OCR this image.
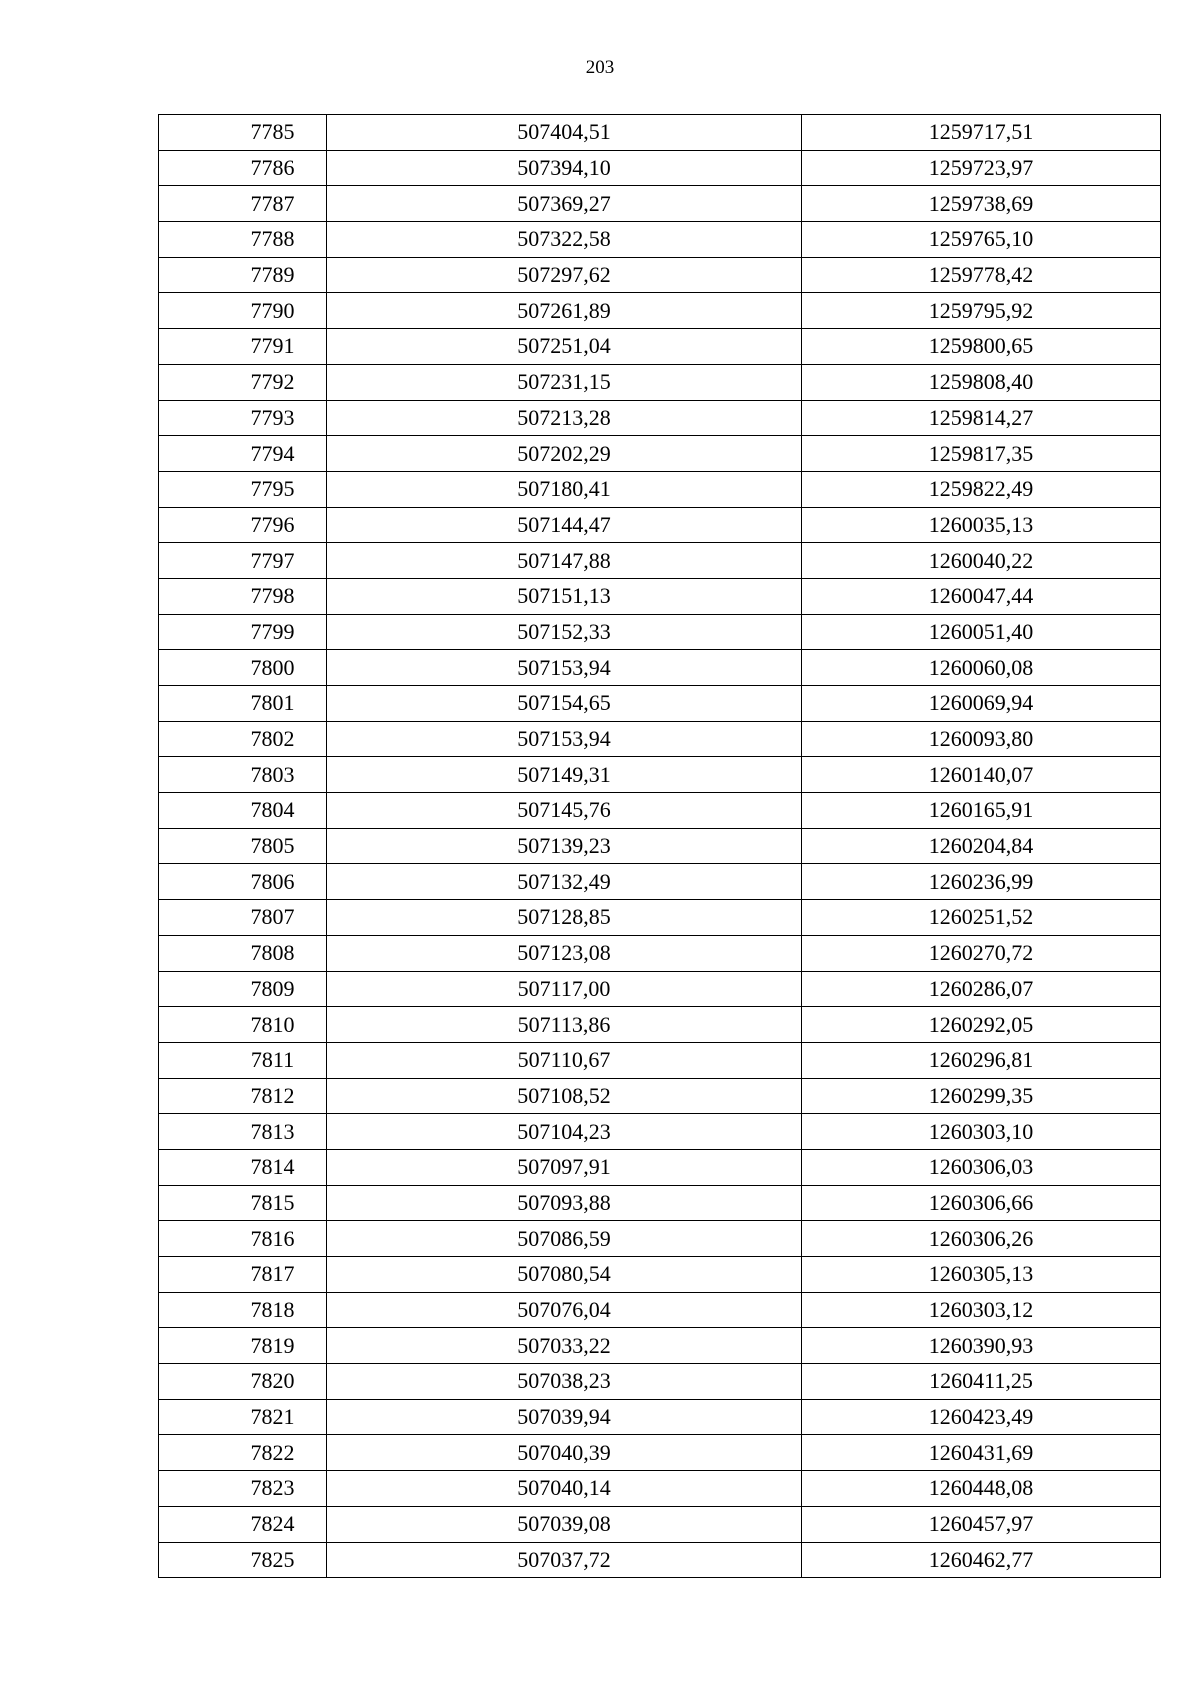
203
7785	507404,51	1259717,51
7786	507394,10	1259723,97
7787	507369,27	1259738,69
7788	507322,58	1259765,10
7789	507297,62	1259778,42
7790	507261,89	1259795,92
7791	507251,04	1259800,65
7792	507231,15	1259808,40
7793	507213,28	1259814,27
7794	507202,29	1259817,35
7795	507180,41	1259822,49
7796	507144,47	1260035,13
7797	507147,88	1260040,22
7798	507151,13	1260047,44
7799	507152,33	1260051,40
7800	507153,94	1260060,08
7801	507154,65	1260069,94
7802	507153,94	1260093,80
7803	507149,31	1260140,07
7804	507145,76	1260165,91
7805	507139,23	1260204,84
7806	507132,49	1260236,99
7807	507128,85	1260251,52
7808	507123,08	1260270,72
7809	507117,00	1260286,07
7810	507113,86	1260292,05
7811	507110,67	1260296,81
7812	507108,52	1260299,35
7813	507104,23	1260303,10
7814	507097,91	1260306,03
7815	507093,88	1260306,66
7816	507086,59	1260306,26
7817	507080,54	1260305,13
7818	507076,04	1260303,12
7819	507033,22	1260390,93
7820	507038,23	1260411,25
7821	507039,94	1260423,49
7822	507040,39	1260431,69
7823	507040,14	1260448,08
7824	507039,08	1260457,97
7825	507037,72	1260462,77
